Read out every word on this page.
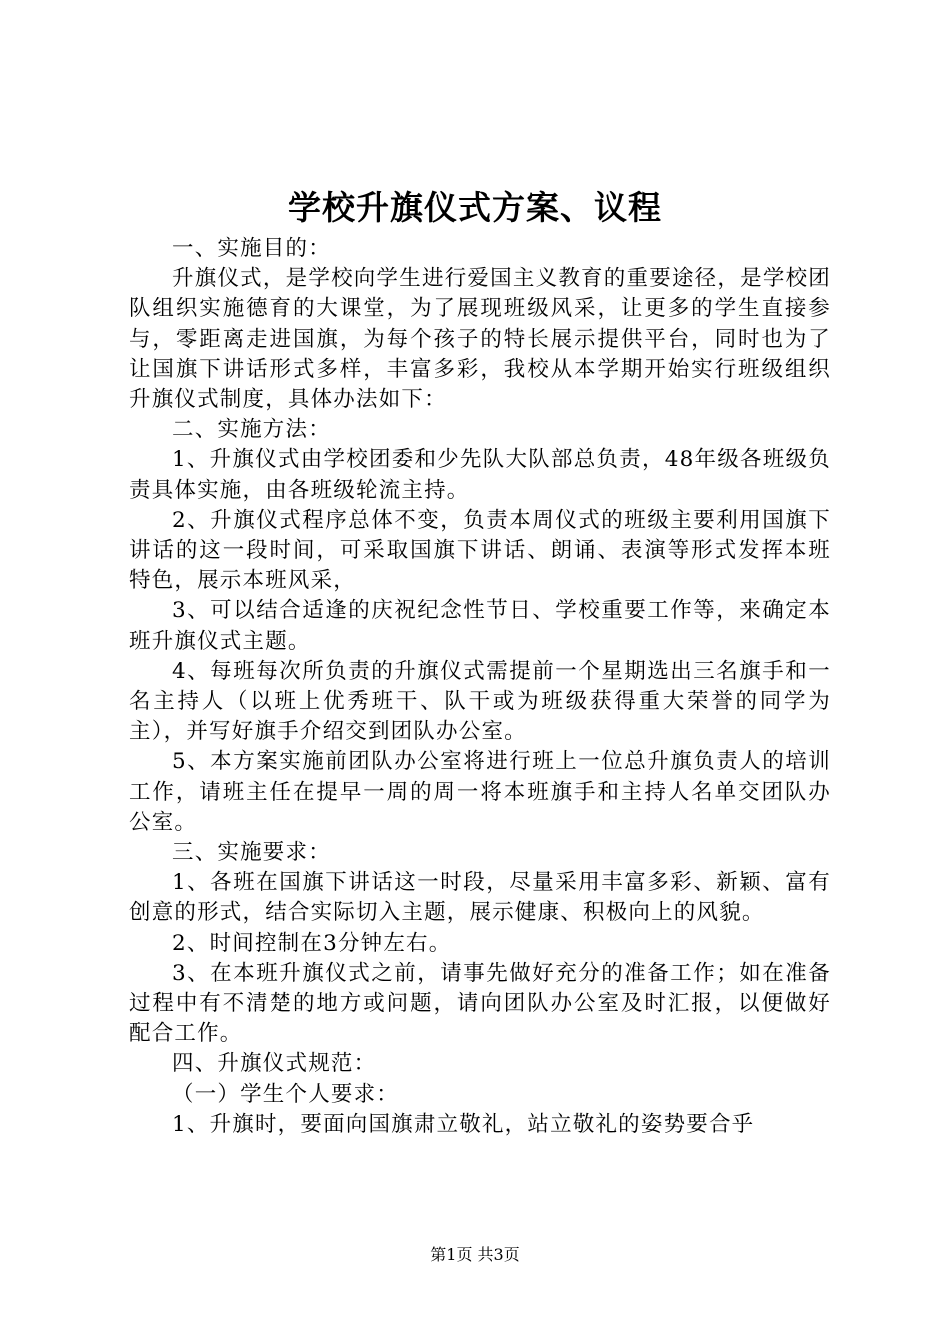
学校升旗仪式方案、议程

一、实施目的：

升旗仪式，是学校向学生进行爱国主义教育的重要途径，是学校团队组织实施德育的大课堂，为了展现班级风采，让更多的学生直接参与，零距离走进国旗，为每个孩子的特长展示提供平台，同时也为了让国旗下讲话形式多样，丰富多彩，我校从本学期开始实行班级组织升旗仪式制度，具体办法如下：

二、实施方法：

1、升旗仪式由学校团委和少先队大队部总负责，48年级各班级负责具体实施，由各班级轮流主持。

2、升旗仪式程序总体不变，负责本周仪式的班级主要利用国旗下讲话的这一段时间，可采取国旗下讲话、朗诵、表演等形式发挥本班特色，展示本班风采，

3、可以结合适逢的庆祝纪念性节日、学校重要工作等，来确定本班升旗仪式主题。

4、每班每次所负责的升旗仪式需提前一个星期选出三名旗手和一名主持人（以班上优秀班干、队干或为班级获得重大荣誉的同学为主），并写好旗手介绍交到团队办公室。

5、本方案实施前团队办公室将进行班上一位总升旗负责人的培训工作，请班主任在提早一周的周一将本班旗手和主持人名单交团队办公室。

三、实施要求：

1、各班在国旗下讲话这一时段，尽量采用丰富多彩、新颖、富有创意的形式，结合实际切入主题，展示健康、积极向上的风貌。

2、时间控制在3分钟左右。

3、在本班升旗仪式之前，请事先做好充分的准备工作；如在准备过程中有不清楚的地方或问题，请向团队办公室及时汇报，以便做好配合工作。

四、升旗仪式规范：

（一）学生个人要求：

1、升旗时，要面向国旗肃立敬礼，站立敬礼的姿势要合乎

第1页 共3页
